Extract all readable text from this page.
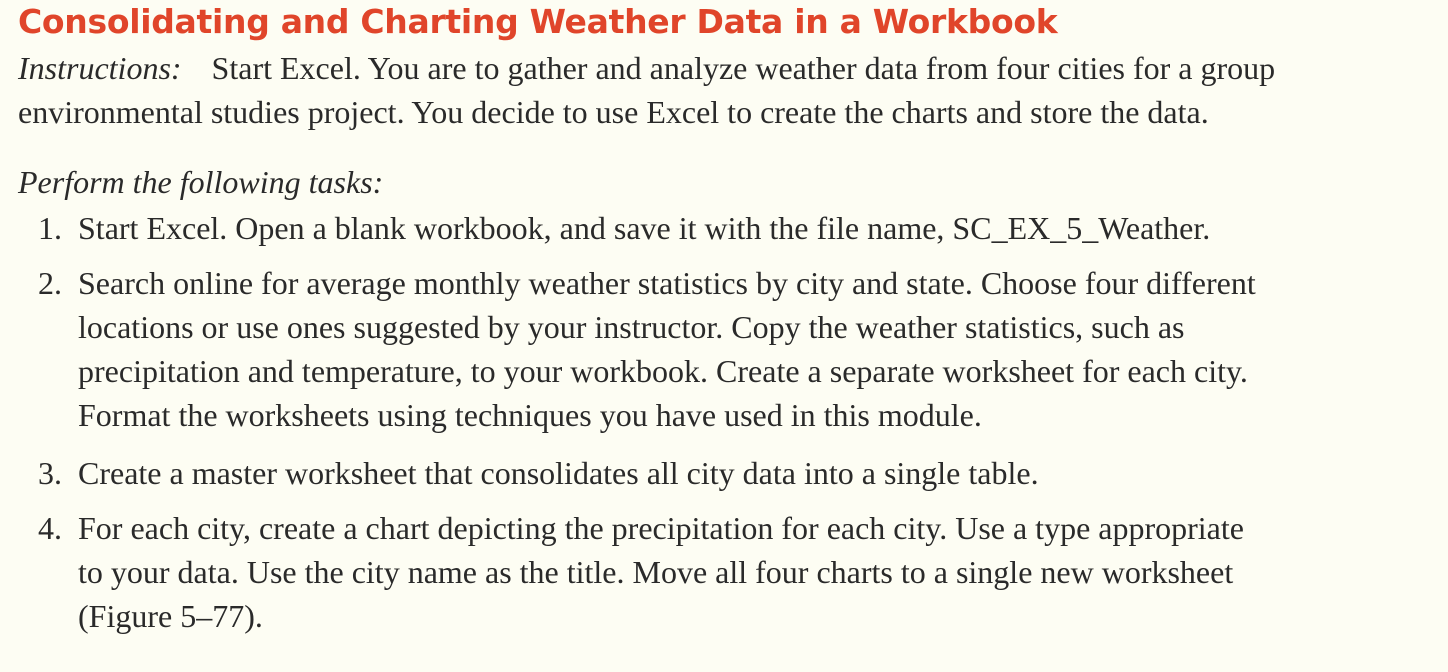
Consolidating and Charting Weather Data in a Workbook

Instructions: Start Excel. You are to gather and analyze weather data from four cities for a group
environmental studies project. You decide to use Excel to create the charts and store the data.

Perform the following tasks:

1. Start Excel. Open a blank workbook, and save it with the file name, SC_EX_5_Weather.
2. Search online for average monthly weather statistics by city and state. Choose four different
locations or use ones suggested by your instructor. Copy the weather statistics, such as
precipitation and temperature, to your workbook. Create a separate worksheet for each city.
Format the worksheets using techniques you have used in this module.
3. Create a master worksheet that consolidates all city data into a single table.
4. For each city, create a chart depicting the precipitation for each city. Use a type appropriate
to your data. Use the city name as the title. Move all four charts to a single new worksheet
(Figure 5–77).
